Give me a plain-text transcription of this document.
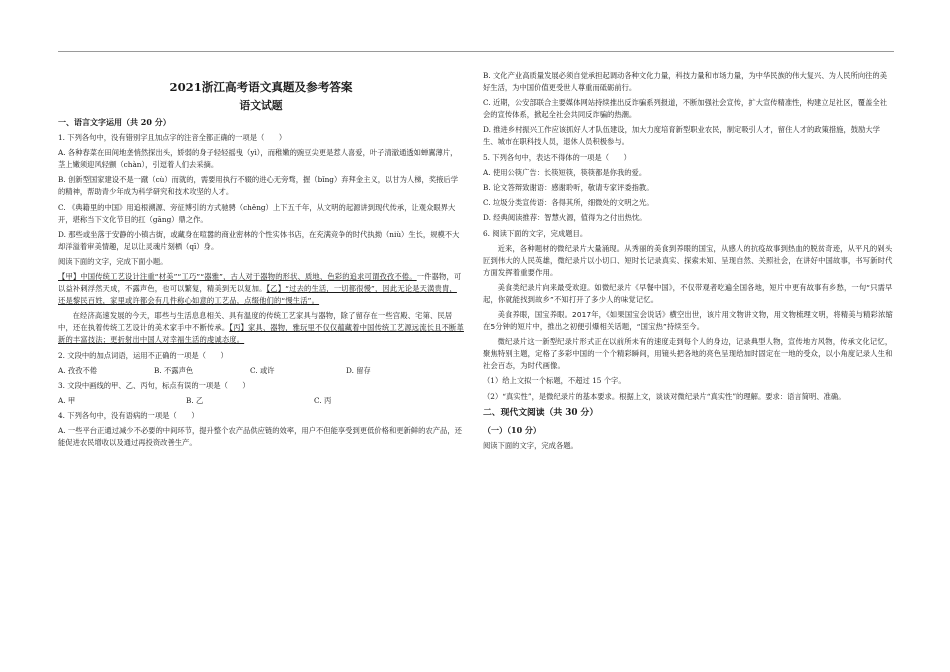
2021浙江高考语文真题及参考答案
语文试题
一、语言文字运用（共 20 分）
1. 下列各句中，没有错别字且加点字的注音全都正确的一项是（　　）
A. 各种春菜在田间地垄悄然探出头，娇弱的身子轻轻摇曳（yì），而稚嫩的豌豆尖更是惹人喜爱，叶子清澈通透如蝉翼薄片，茎上嫩须迎风轻颤（chàn），引逗着人们去采摘。
B. 创新型国家建设不是一蹴（cù）而就的，需要用执行不辍的进心无旁骛，握（bǐng）弃拜金主义，以甘为人梯，奖掖后学的精神，帮助青少年成为科学研究和技术攻坚的人才。
C. 《典籍里的中国》用追根溯源、旁征博引的方式驰骋（chěng）上下五千年，从文明的起源讲到现代传承，让观众眼界大开，堪称当下文化节目的扛（gāng）鼎之作。
D. 那些或坐落于安静的小镇古街，或藏身在喧嚣的商业密林的个性实体书店，在充满竞争的时代执拗（niù）生长，规模不大却洋溢着审美情趣，足以让灵魂片刻栖（qī）身。
阅读下面的文字，完成下面小题。
【甲】中国传统工艺设计注重“材美”“工巧”“器雅”，古人对于器物的形状、质地、色彩的追求可谓孜孜不倦。一件器物，可以益补刺浮然天成，不露声色，也可以繁复，精美到无以复加。【乙】“过去的生活，一切都很慢”，因此无论是天潢贵胄，还是黎民百姓，家里或许都会有几件称心如意的工艺品，点缀他们的“慢生活”。
在经济高速发展的今天，耶些与生活息息相关、具有温度的传统工艺家具与器物，除了留存在一些宫殿、宅第、民居中，还在执着传统工艺设计的美术家手中不断传承。【丙】家具、器物，雅玩里不仅仅蕴藏着中国传统工艺源远流长且不断革新的丰富技法；更折射出中国人对幸福生活的虔诚态度。
2. 文段中的加点词语，运用不正确的一项是（　　）
A. 孜孜不倦	B. 不露声色	C. 或许	D. 留存
3. 文段中画线的甲、乙、丙句，标点有误的一项是（　　）
A. 甲	B. 乙	C. 丙
4. 下列各句中，没有语病的一项是（　　）
A. 一些平台正通过减少不必要的中间环节，提升整个农产品供应链的效率，用户不但能享受到更低价格和更新鲜的农产品，还能促进农民增收以及通过再投资改善生产。
B. 文化产业高质量发展必须自觉承担起调动各种文化力量，科技力量和市场力量，为中华民族的伟大复兴、为人民所向往的美好生活，为中国价值更受世人尊重而砥砺前行。
C. 近期，公安部联合主要媒体网站持续推出反诈骗系列报道，不断加强社会宣传，扩大宣传精准性，构建立足社区，覆盖全社会的宣传体系，掀起全社会共同反诈骗的热潮。
D. 推进乡村振兴工作应该抓好人才队伍建设，加大力度培育新型职业农民，制定吸引人才，留住人才的政策措施，鼓励大学生、城市在职科技人员，退休人员积极参与。
5. 下列各句中，表达不得体的一项是（　　）
A. 使用公筷广告：长筷短筷，筷筷都是你我的爱。
B. 论文答辩致谢语：感谢聆听，敬请专家评委指教。
C. 垃圾分类宣传语：各得其所，细微处的文明之光。
D. 经典阅读推荐：智慧火源，值得为之付出热忱。
6. 阅读下面的文字，完成题目。
近来，各种题材的微纪录片大量涌现。从秀丽的美食到养眼的国宝，从感人的抗疫故事到热血的脱贫奇迹，从平凡的剁头匠到伟大的人民英雄，微纪录片以小切口、短时长记录真实、探索未知、呈现自然、关照社会，在讲好中国故事，书写新时代方面发挥着重要作用。
美食类纪录片向来最受欢迎。如微纪录片《早餐中国》，不仅带观者吃遍全国各地，短片中更有故事有乡愁，一句“只需早起，你就能找到故乡”不知打开了多少人的味觉记忆。
美食养眼，国宝养眼。2017年，《如果国宝会说话》横空出世，该片用文物讲文物，用文物梳理文明，将精美与精彩浓缩在5分钟的短片中，推出之初便引爆相关话题，“国宝热”持续至今。
微纪录片这一新型纪录片形式正在以前所未有的速度走到每个人的身边，记录典型人物，宣传地方风物，传承文化记忆，聚焦特别主题，定格了多彩中国的一个个精彩瞬间，用镜头把各地的亮色呈现给加时固定在一地的受众，以小角度记录人生和社会百态，为时代画像。
（1）给上文拟一个标题，不超过 15 个字。
（2）“真实性”，是微纪录片的基本要求。根据上文，谈谈对微纪录片“真实性”的理解。要求：语言简明、准确。
二、现代文阅读（共 30 分）
（一）（10 分）
阅读下面的文字，完成各题。
